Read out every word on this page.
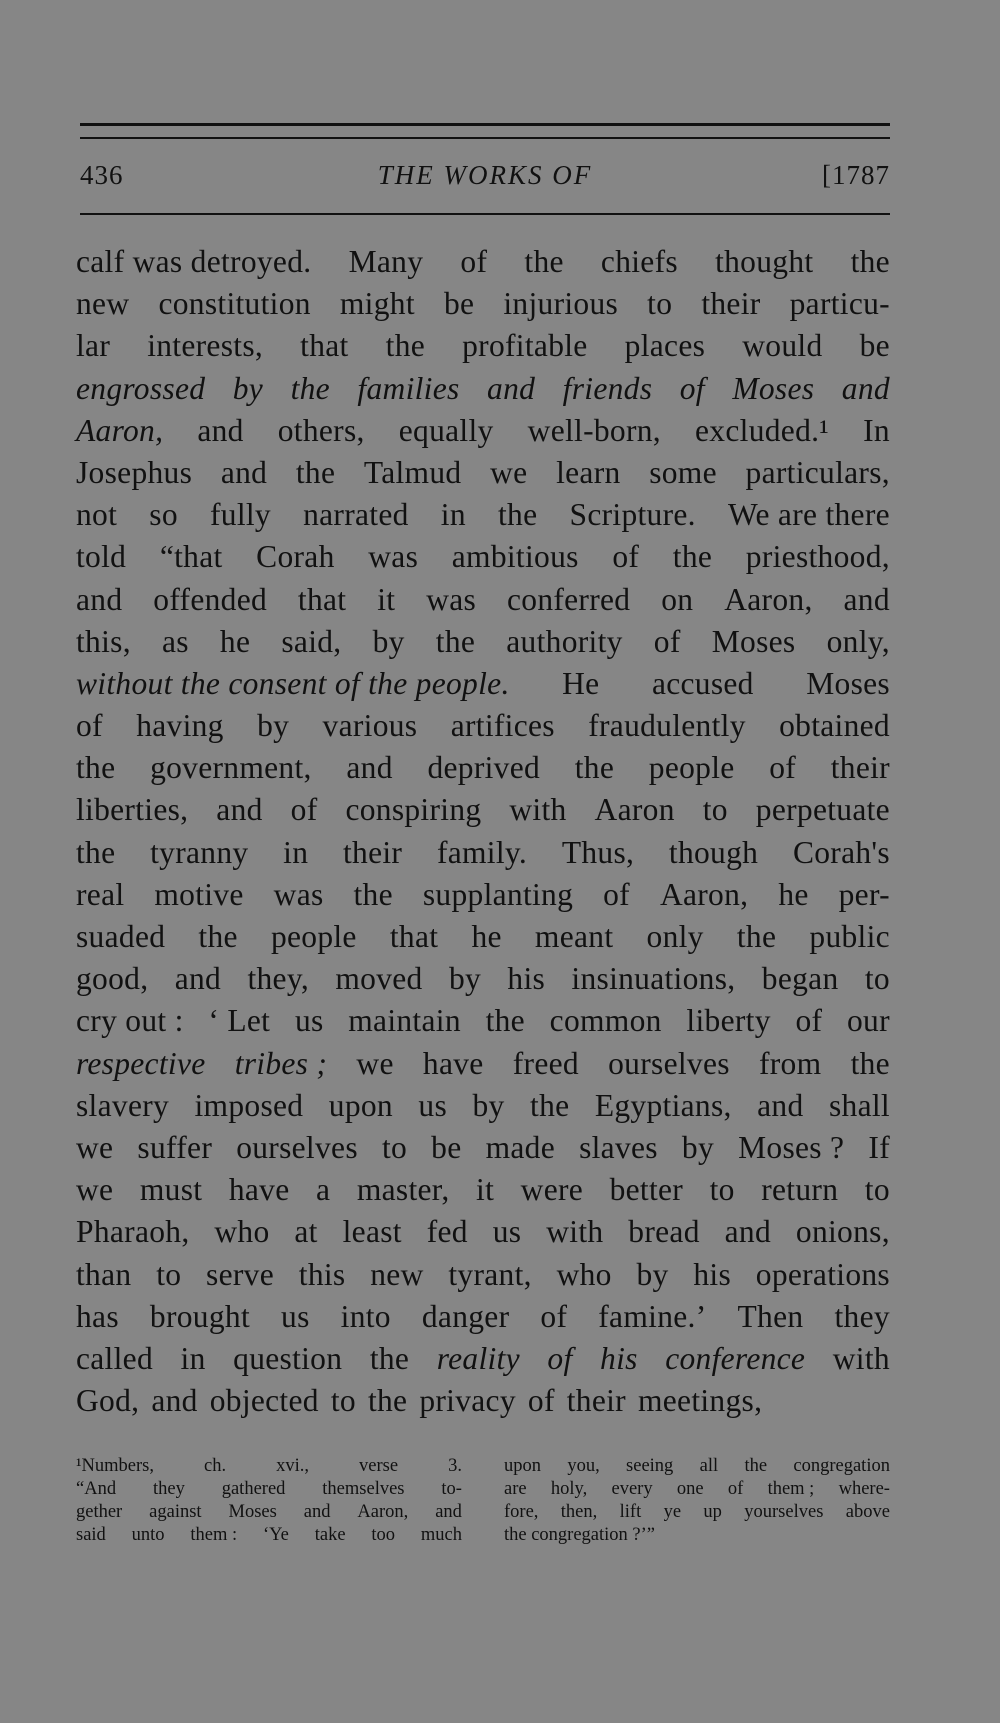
436	THE WORKS OF	[1787
calf was detroyed. Many of the chiefs thought the
new constitution might be injurious to their particu-
lar interests, that the profitable places would be
engrossed by the families and friends of Moses and
Aaron, and others, equally well-born, excluded.¹ In
Josephus and the Talmud we learn some particulars,
not so fully narrated in the Scripture. We are there
told “that Corah was ambitious of the priesthood,
and offended that it was conferred on Aaron, and
this, as he said, by the authority of Moses only,
without the consent of the people. He accused Moses
of having by various artifices fraudulently obtained
the government, and deprived the people of their
liberties, and of conspiring with Aaron to perpetuate
the tyranny in their family. Thus, though Corah's
real motive was the supplanting of Aaron, he per-
suaded the people that he meant only the public
good, and they, moved by his insinuations, began to
cry out : ‘ Let us maintain the common liberty of our
respective tribes ; we have freed ourselves from the
slavery imposed upon us by the Egyptians, and shall
we suffer ourselves to be made slaves by Moses ? If
we must have a master, it were better to return to
Pharaoh, who at least fed us with bread and onions,
than to serve this new tyrant, who by his operations
has brought us into danger of famine.’ Then they
called in question the reality of his conference with
God, and objected to the privacy of their meetings,
¹Numbers,	ch.	xvi.,	verse	3.
“And they gathered themselves to-
gether against Moses and Aaron, and
said unto them : ‘Ye take too much
upon you, seeing all the congregation
are holy, every one of them ; where-
fore, then, lift ye up yourselves above
the congregation ?’”
